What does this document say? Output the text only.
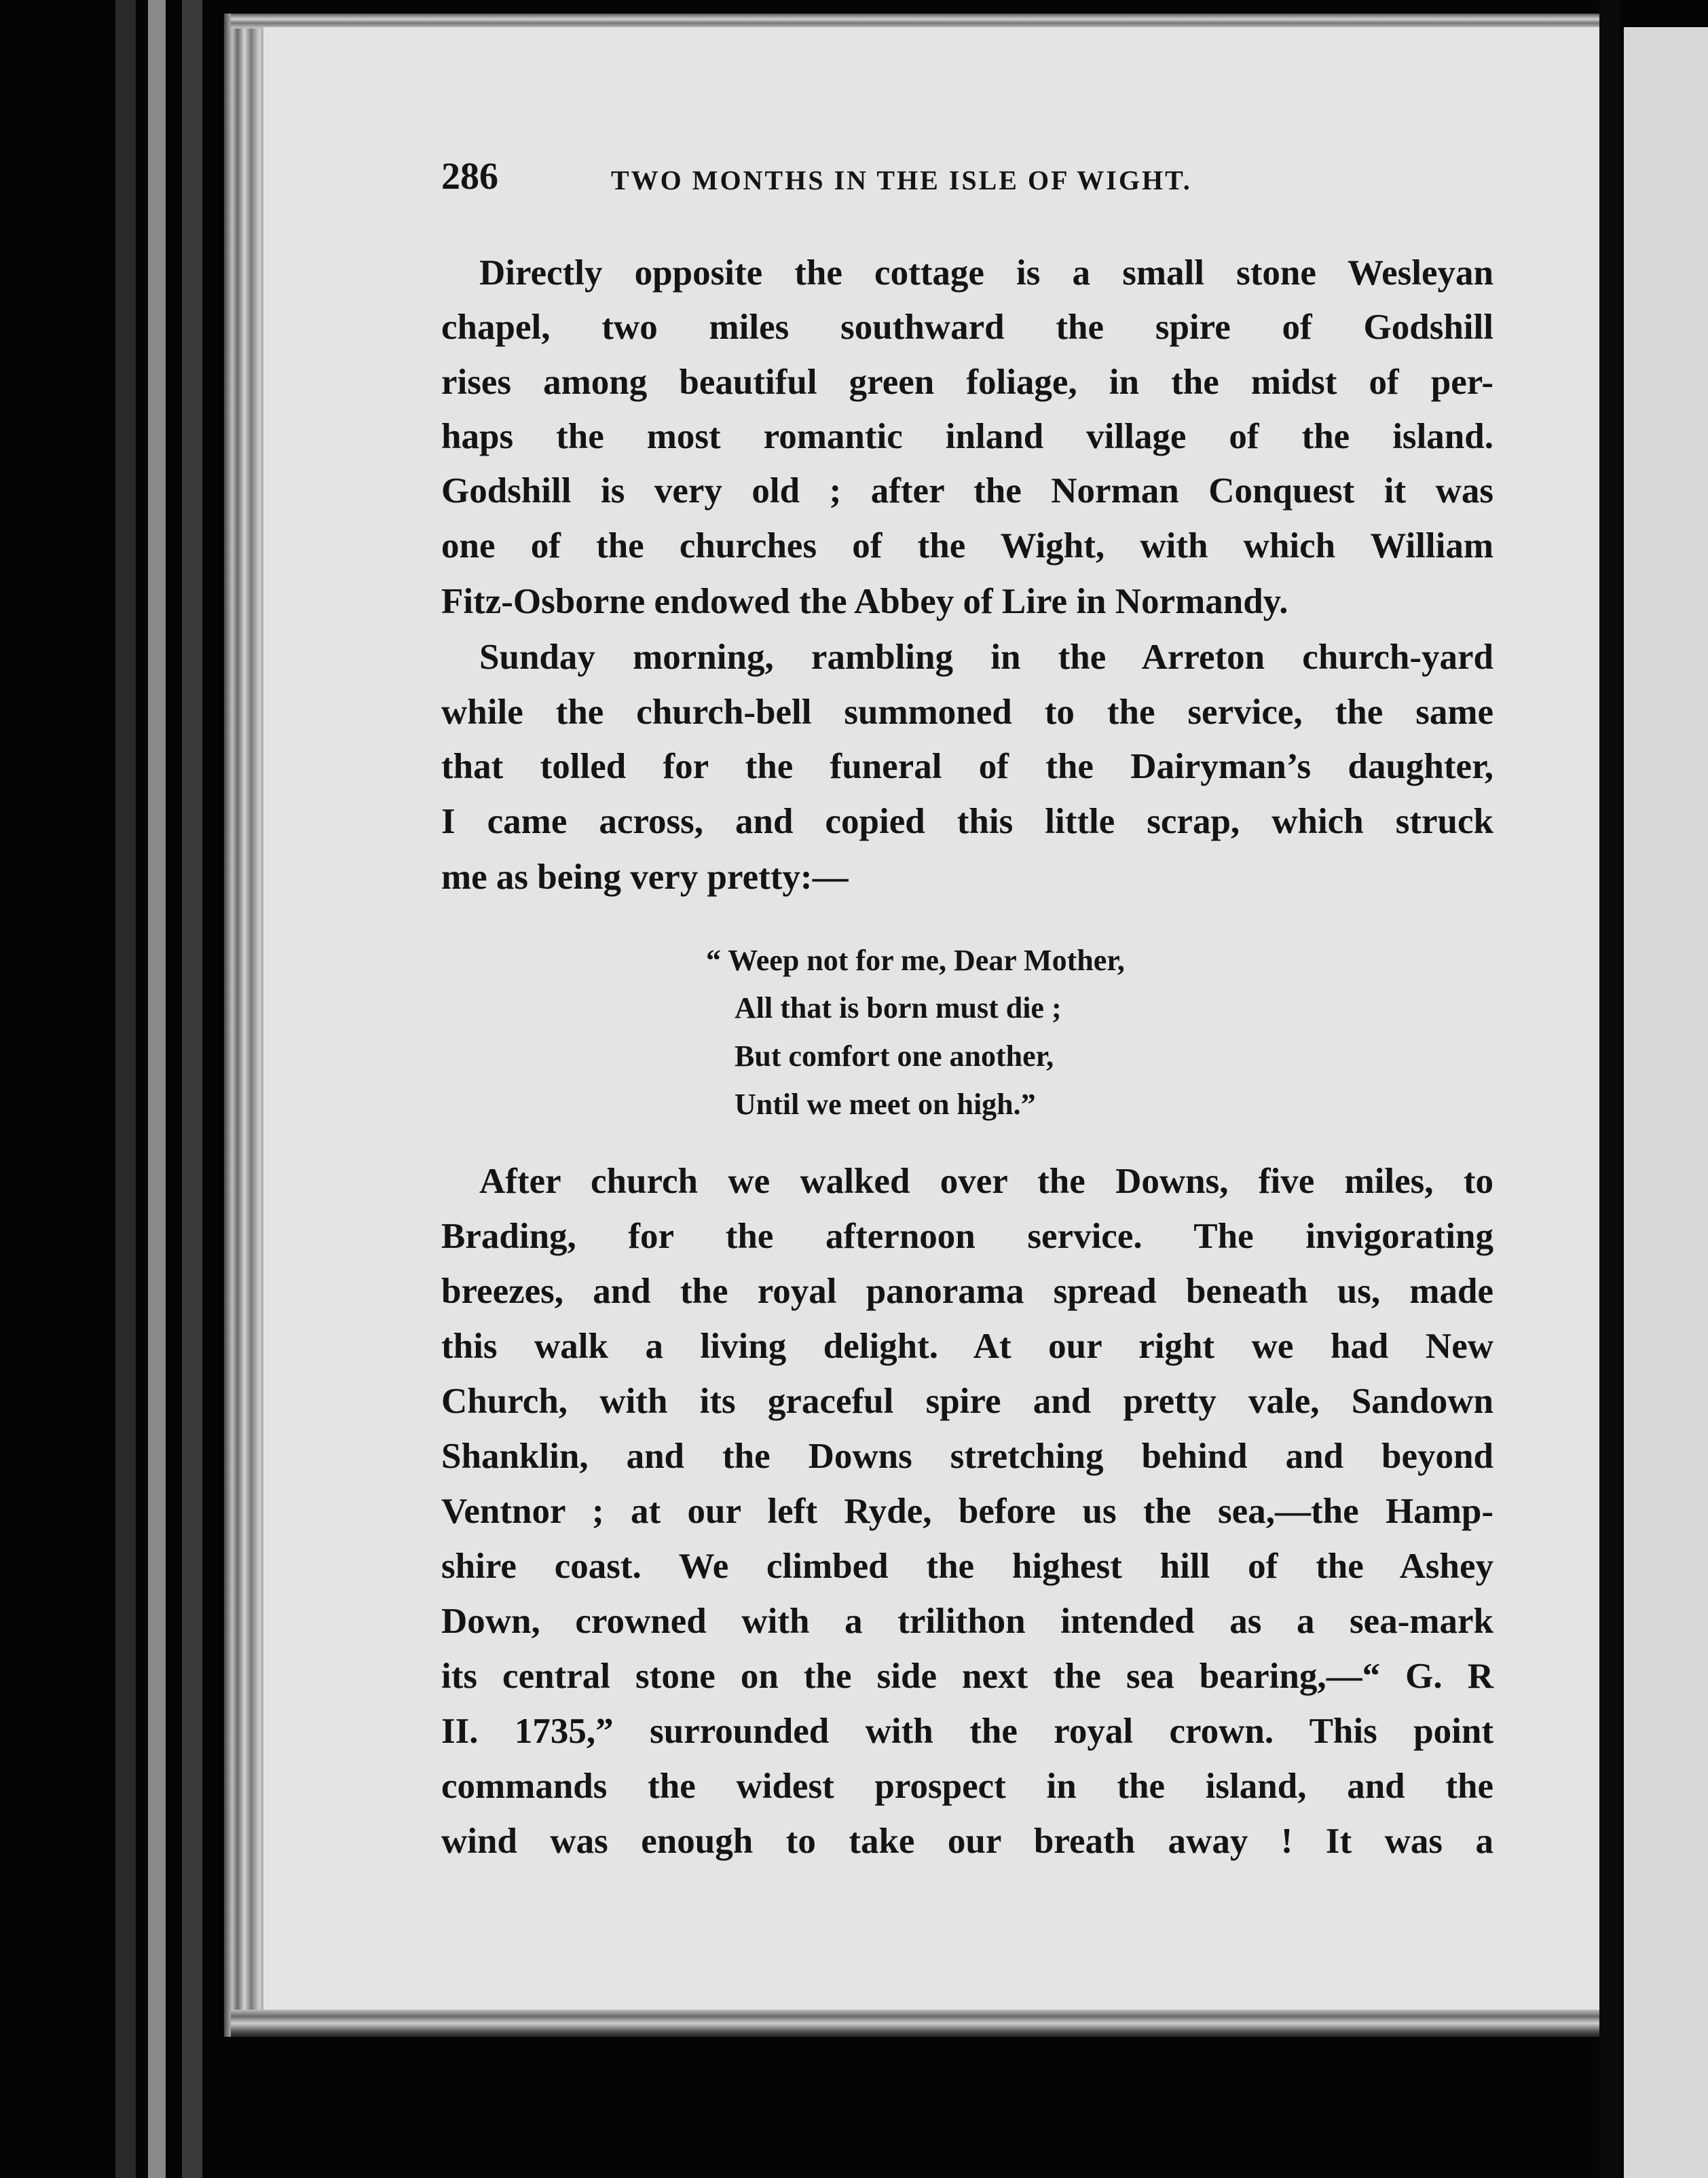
286	TWO MONTHS IN THE ISLE OF WIGHT.
Directly opposite the cottage is a small stone Wesleyan
chapel, two miles southward the spire of Godshill
rises among beautiful green foliage, in the midst of per-
haps the most romantic inland village of the island.
Godshill is very old ; after the Norman Conquest it was
one of the churches of the Wight, with which William
Fitz-Osborne endowed the Abbey of Lire in Normandy.
Sunday morning, rambling in the Arreton church-yard
while the church-bell summoned to the service, the same
that tolled for the funeral of the Dairyman’s daughter,
I came across, and copied this little scrap, which struck
me as being very pretty:—
“ Weep not for me, Dear Mother,
All that is born must die ;
But comfort one another,
Until we meet on high.”
After church we walked over the Downs, five miles, to
Brading, for the afternoon service. The invigorating
breezes, and the royal panorama spread beneath us, made
this walk a living delight. At our right we had New
Church, with its graceful spire and pretty vale, Sandown
Shanklin, and the Downs stretching behind and beyond
Ventnor ; at our left Ryde, before us the sea,—the Hamp-
shire coast. We climbed the highest hill of the Ashey
Down, crowned with a trilithon intended as a sea-mark
its central stone on the side next the sea bearing,—“ G. R
II. 1735,” surrounded with the royal crown. This point
commands the widest prospect in the island, and the
wind was enough to take our breath away ! It was a
